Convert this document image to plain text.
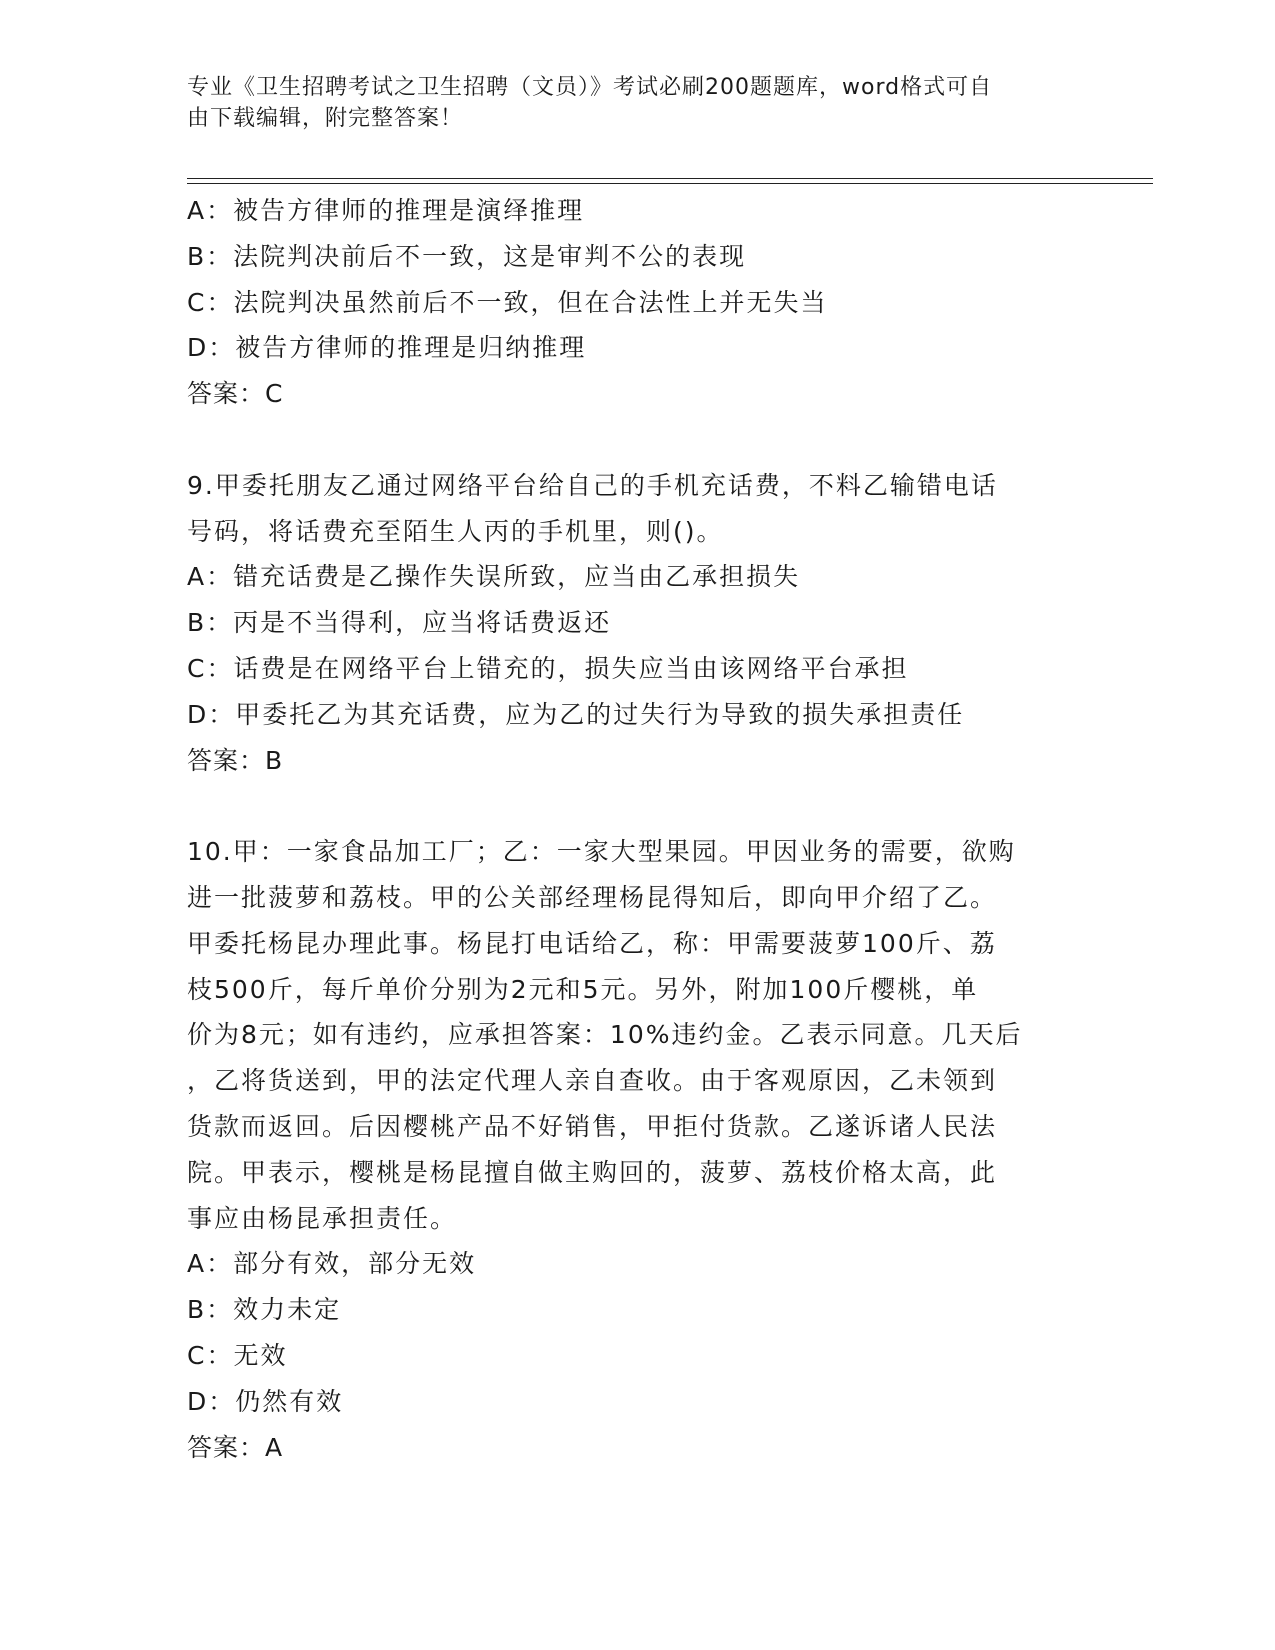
专业《卫生招聘考试之卫生招聘（文员）》考试必刷200题题库，word格式可自
由下载编辑，附完整答案！
A：被告方律师的推理是演绎推理
B：法院判决前后不一致，这是审判不公的表现
C：法院判决虽然前后不一致，但在合法性上并无失当
D：被告方律师的推理是归纳推理
答案：C
9.甲委托朋友乙通过网络平台给自己的手机充话费，不料乙输错电话
号码，将话费充至陌生人丙的手机里，则()。
A：错充话费是乙操作失误所致，应当由乙承担损失
B：丙是不当得利，应当将话费返还
C：话费是在网络平台上错充的，损失应当由该网络平台承担
D：甲委托乙为其充话费，应为乙的过失行为导致的损失承担责任
答案：B
10.甲：一家食品加工厂；乙：一家大型果园。甲因业务的需要，欲购
进一批菠萝和荔枝。甲的公关部经理杨昆得知后，即向甲介绍了乙。
甲委托杨昆办理此事。杨昆打电话给乙，称：甲需要菠萝100斤、荔
枝500斤，每斤单价分别为2元和5元。另外，附加100斤樱桃，单
价为8元；如有违约，应承担答案：10%违约金。乙表示同意。几天后
，乙将货送到，甲的法定代理人亲自查收。由于客观原因，乙未领到
货款而返回。后因樱桃产品不好销售，甲拒付货款。乙遂诉诸人民法
院。甲表示，樱桃是杨昆擅自做主购回的，菠萝、荔枝价格太高，此
事应由杨昆承担责任。
A：部分有效，部分无效
B：效力未定
C：无效
D：仍然有效
答案：A
